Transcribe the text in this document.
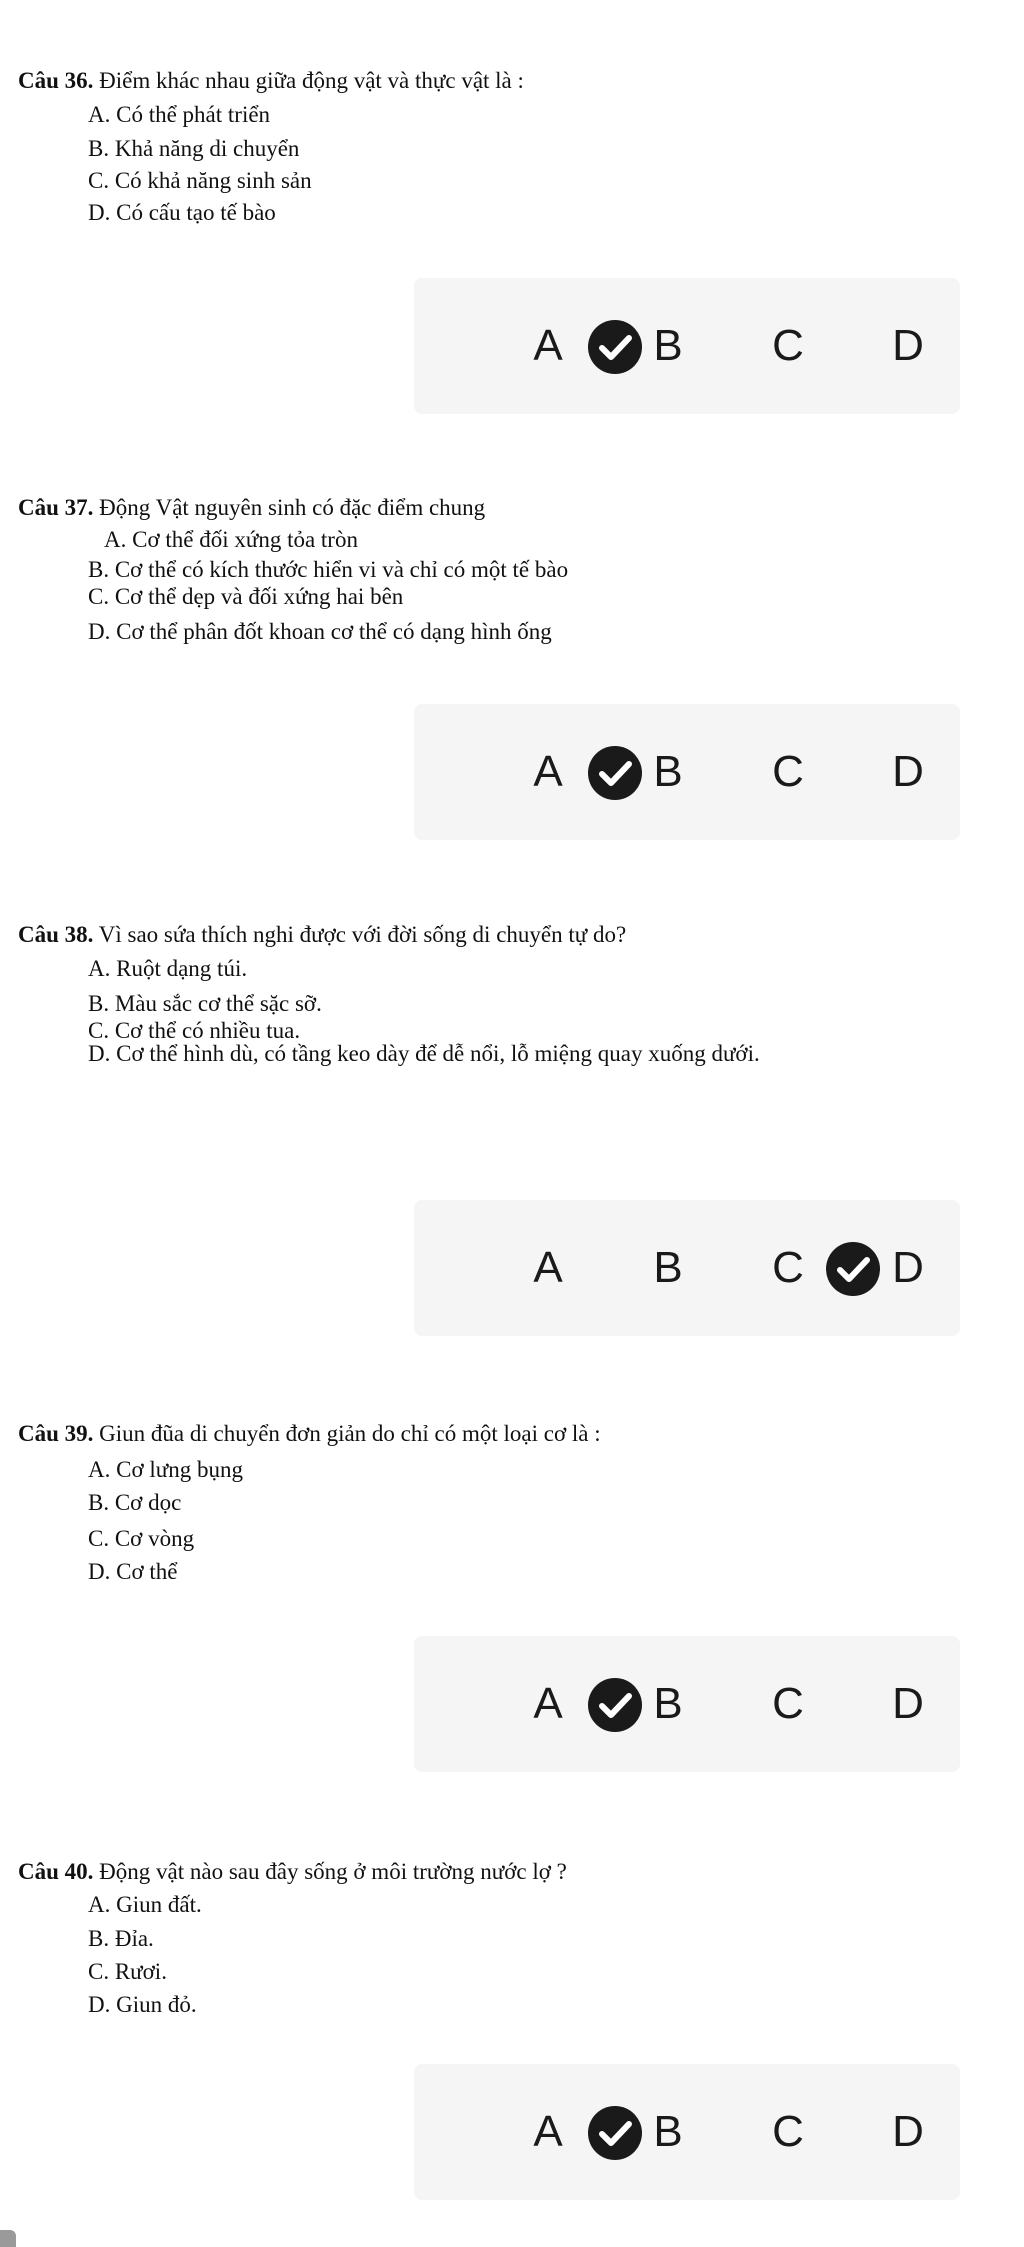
Câu 36. Điểm khác nhau giữa động vật và thực vật là :
A. Có thể phát triển
B. Khả năng di chuyển
C. Có khả năng sinh sản
D. Có cấu tạo tế bào
A	B	C	D
Câu 37. Động Vật nguyên sinh có đặc điểm chung
A. Cơ thể đối xứng tỏa tròn
B. Cơ thể có kích thước hiển vi và chỉ có một tế bào
C. Cơ thể dẹp và đối xứng hai bên
D. Cơ thể phân đốt khoan cơ thể có dạng hình ống
A	B	C	D
Câu 38. Vì sao sứa thích nghi được với đời sống di chuyển tự do?
A. Ruột dạng túi.
B. Màu sắc cơ thể sặc sỡ.
C. Cơ thể có nhiều tua.
D. Cơ thể hình dù, có tầng keo dày để dễ nổi, lỗ miệng quay xuống dưới.
A	B	C	D
Câu 39. Giun đũa di chuyển đơn giản do chỉ có một loại cơ là :
A. Cơ lưng bụng
B. Cơ dọc
C. Cơ vòng
D. Cơ thể
A	B	C	D
Câu 40. Động vật nào sau đây sống ở môi trường nước lợ ?
A. Giun đất.
B. Đỉa.
C. Rươi.
D. Giun đỏ.
A	B	C	D
